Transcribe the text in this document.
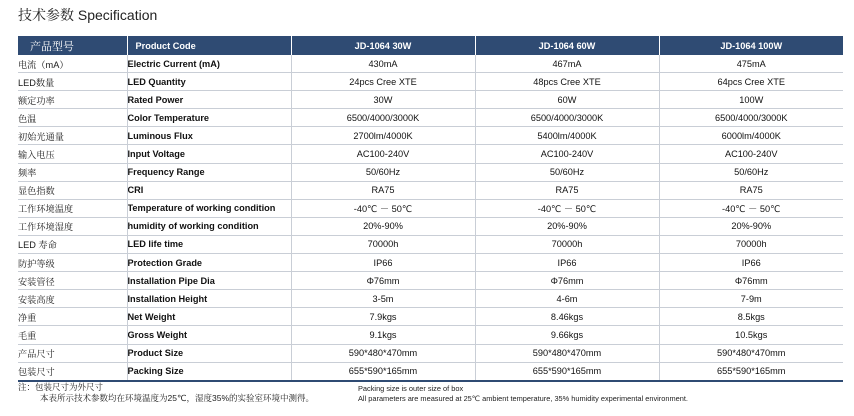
技术参数 Specification
产品型号	Product Code	JD-1064 30W	JD-1064 60W	JD-1064 100W
电流（mA）	Electric Current (mA)	430mA	467mA	475mA
LED数量	LED Quantity	24pcs Cree XTE	48pcs Cree XTE	64pcs Cree XTE
额定功率	Rated Power	30W	60W	100W
色温	Color Temperature	6500/4000/3000K	6500/4000/3000K	6500/4000/3000K
初始光通量	Luminous Flux	2700lm/4000K	5400lm/4000K	6000lm/4000K
输入电压	Input Voltage	AC100-240V	AC100-240V	AC100-240V
频率	Frequency Range	50/60Hz	50/60Hz	50/60Hz
显色指数	CRI	RA75	RA75	RA75
工作环境温度	Temperature of working condition	-40℃ － 50℃	-40℃ － 50℃	-40℃ － 50℃
工作环境湿度	humidity of working condition	20%-90%	20%-90%	20%-90%
LED 寿命	LED life time	70000h	70000h	70000h
防护等级	Protection Grade	IP66	IP66	IP66
安装管径	Installation Pipe Dia	Φ76mm	Φ76mm	Φ76mm
安装高度	Installation Height	3-5m	4-6m	7-9m
净重	Net Weight	7.9kgs	8.46kgs	8.5kgs
毛重	Gross Weight	9.1kgs	9.66kgs	10.5kgs
产品尺寸	Product Size	590*480*470mm	590*480*470mm	590*480*470mm
包装尺寸	Packing Size	655*590*165mm	655*590*165mm	655*590*165mm
注：包装尺寸为外尺寸
本表所示技术参数均在环境温度为25℃，湿度35%的实验室环境中测得。
Packing size is outer size of box
All parameters are measured at 25℃ ambient temperature, 35% humidity experimental environment.
